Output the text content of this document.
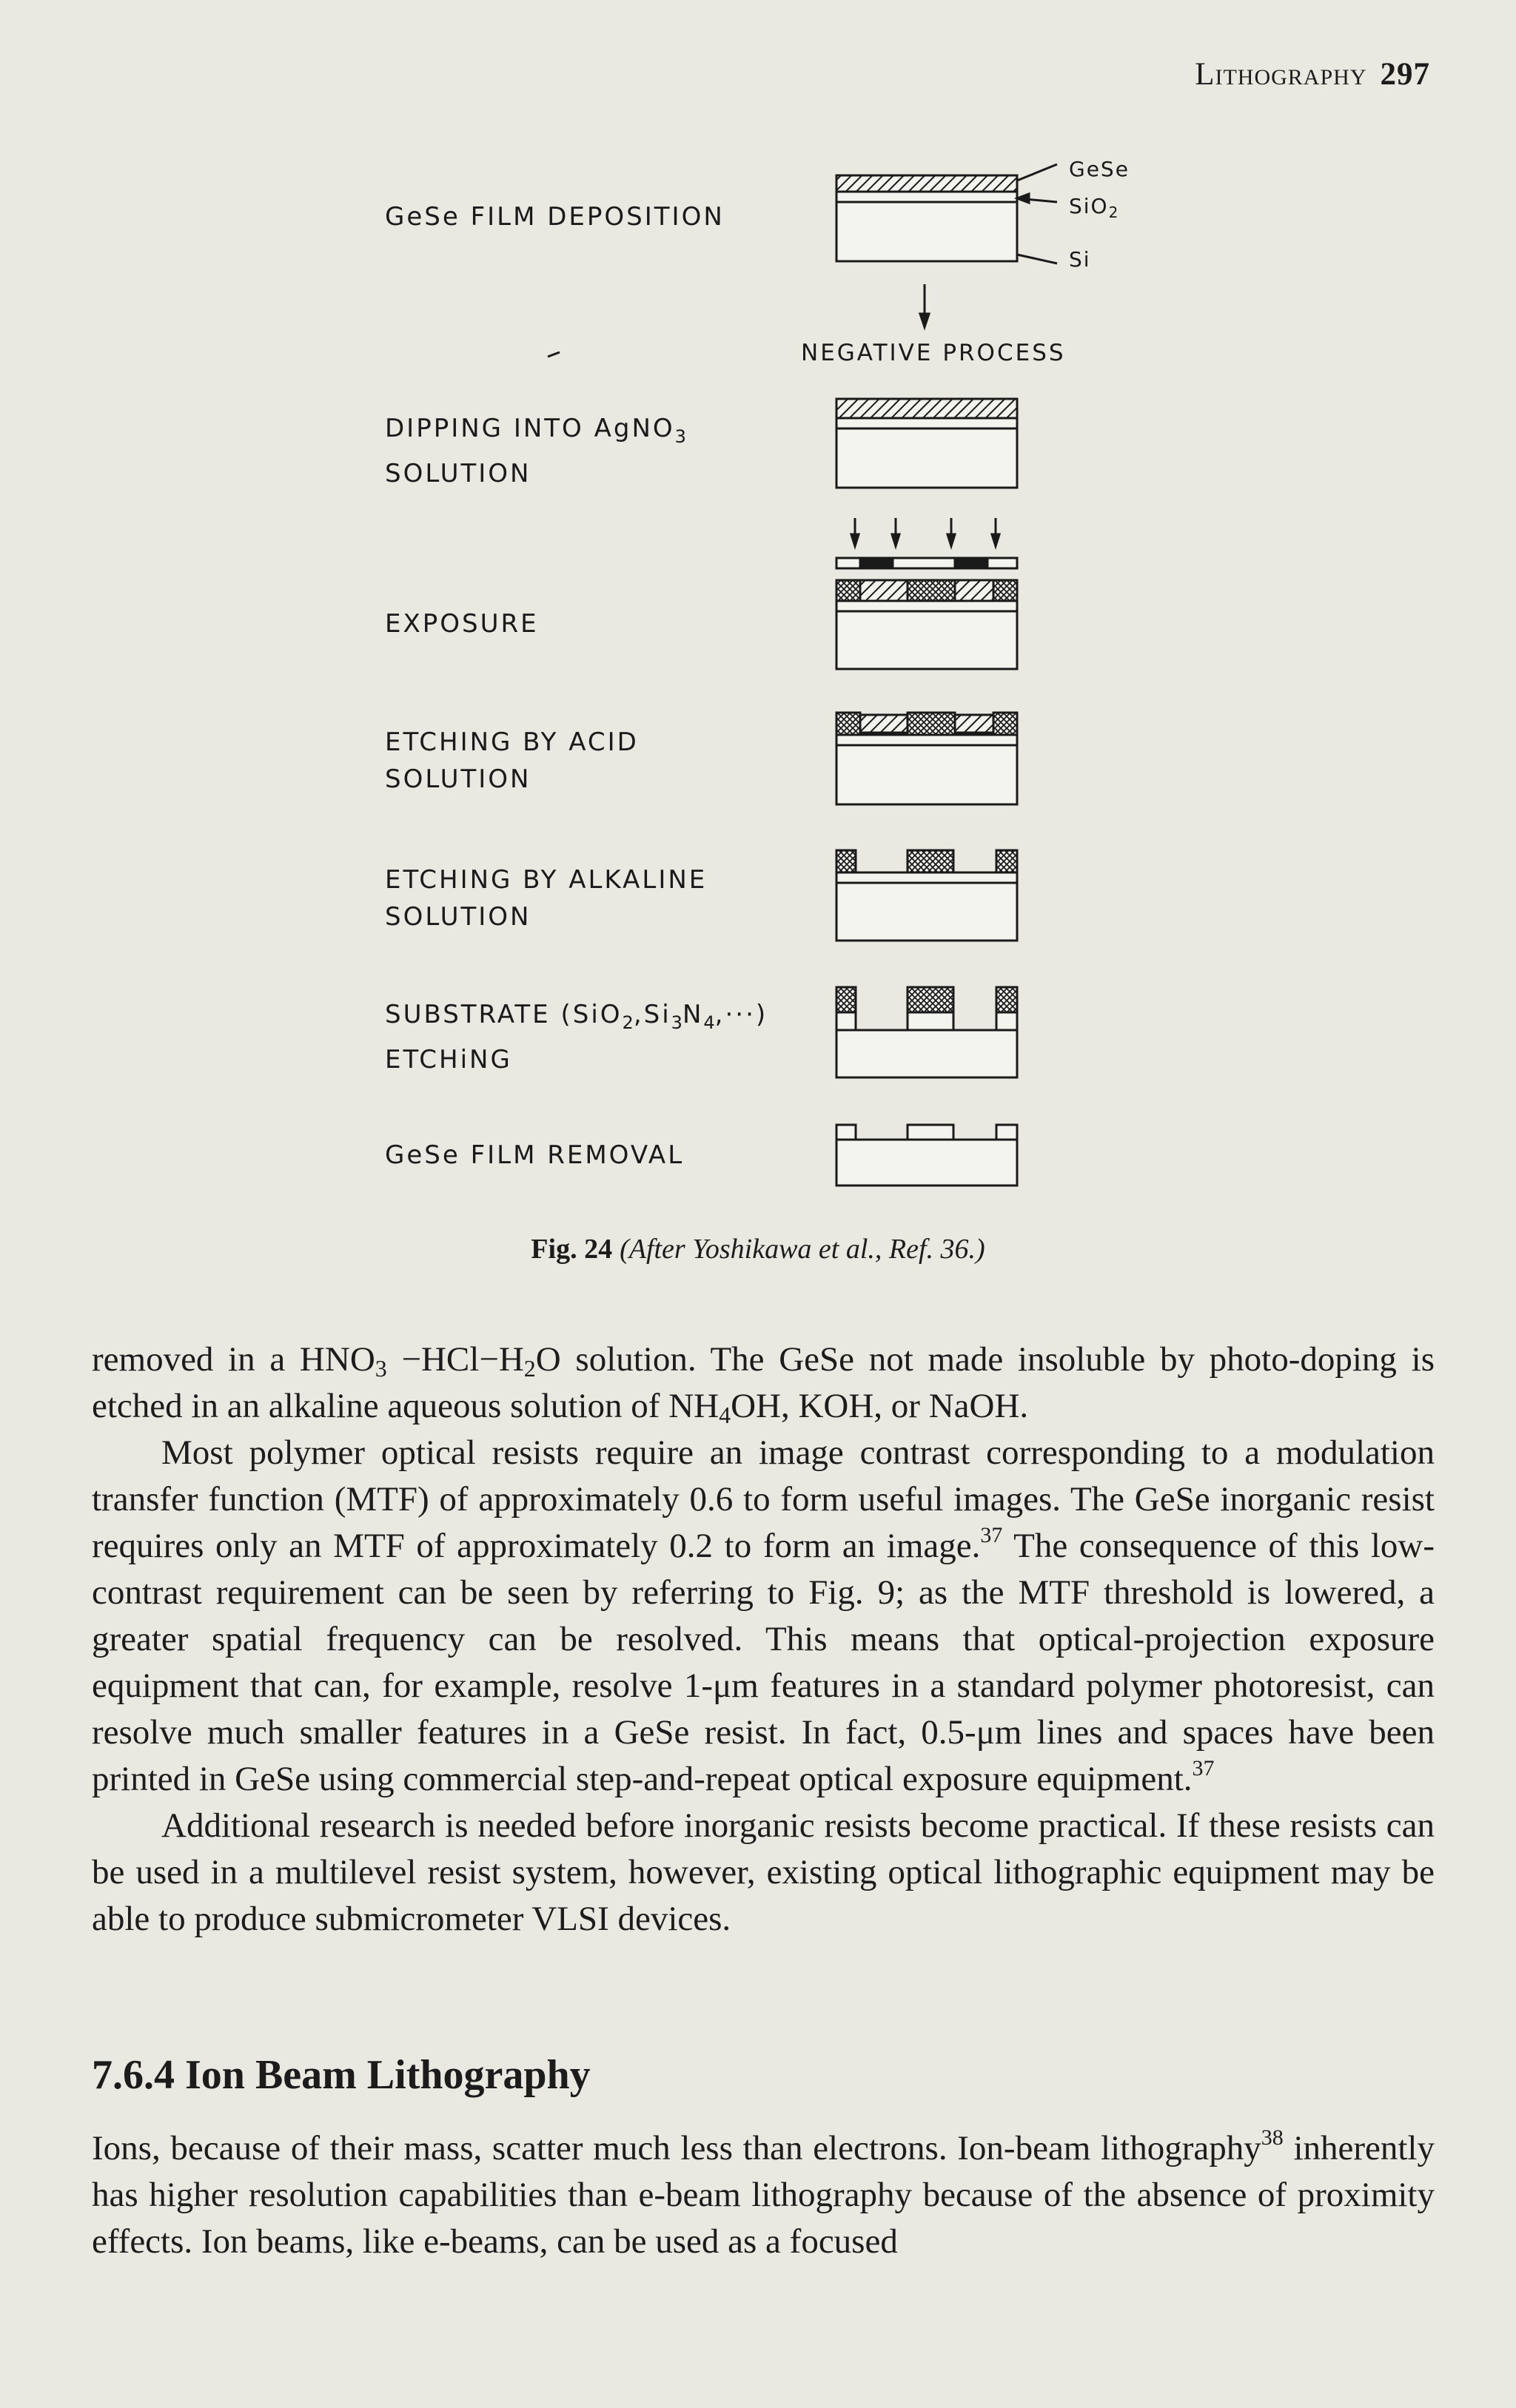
Lithography 297
GeSe
SiO$_2$
Si
NEGATIVE PROCESS
GeSe FILM DEPOSITION
DIPPING INTO AgNO$_3$
SOLUTION
EXPOSURE
ETCHING BY ACID
SOLUTION
ETCHING BY ALKALINE
SOLUTION
SUBSTRATE $(SiO_2,Si_3N_4,\cdot\cdot\cdot)$
ETCHiNG
GeSe FILM REMOVAL
Fig. 24 (After Yoshikawa et al., Ref. 36.)

removed in a $HNO_3 -HCl-H_2O$ solution. The GeSe not made insoluble by photo-doping is etched in an alkaline aqueous solution of $NH_4OH$, KOH, or NaOH.

Most polymer optical resists require an image contrast corresponding to a modulation transfer function (MTF) of approximately 0.6 to form useful images. The GeSe inorganic resist requires only an MTF of approximately 0.2 to form an image.$^{37}$ The consequence of this low-contrast requirement can be seen by referring to Fig. 9; as the MTF threshold is lowered, a greater spatial frequency can be resolved. This means that optical-projection exposure equipment that can, for example, resolve 1-μm features in a standard polymer photoresist, can resolve much smaller features in a GeSe resist. In fact, 0.5-μm lines and spaces have been printed in GeSe using commercial step-and-repeat optical exposure equipment.$^{37}$

Additional research is needed before inorganic resists become practical. If these resists can be used in a multilevel resist system, however, existing optical lithographic equipment may be able to produce submicrometer VLSI devices.

7.6.4 Ion Beam Lithography

Ions, because of their mass, scatter much less than electrons. Ion-beam lithography$^{38}$ inherently has higher resolution capabilities than e-beam lithography because of the absence of proximity effects. Ion beams, like e-beams, can be used as a focused
